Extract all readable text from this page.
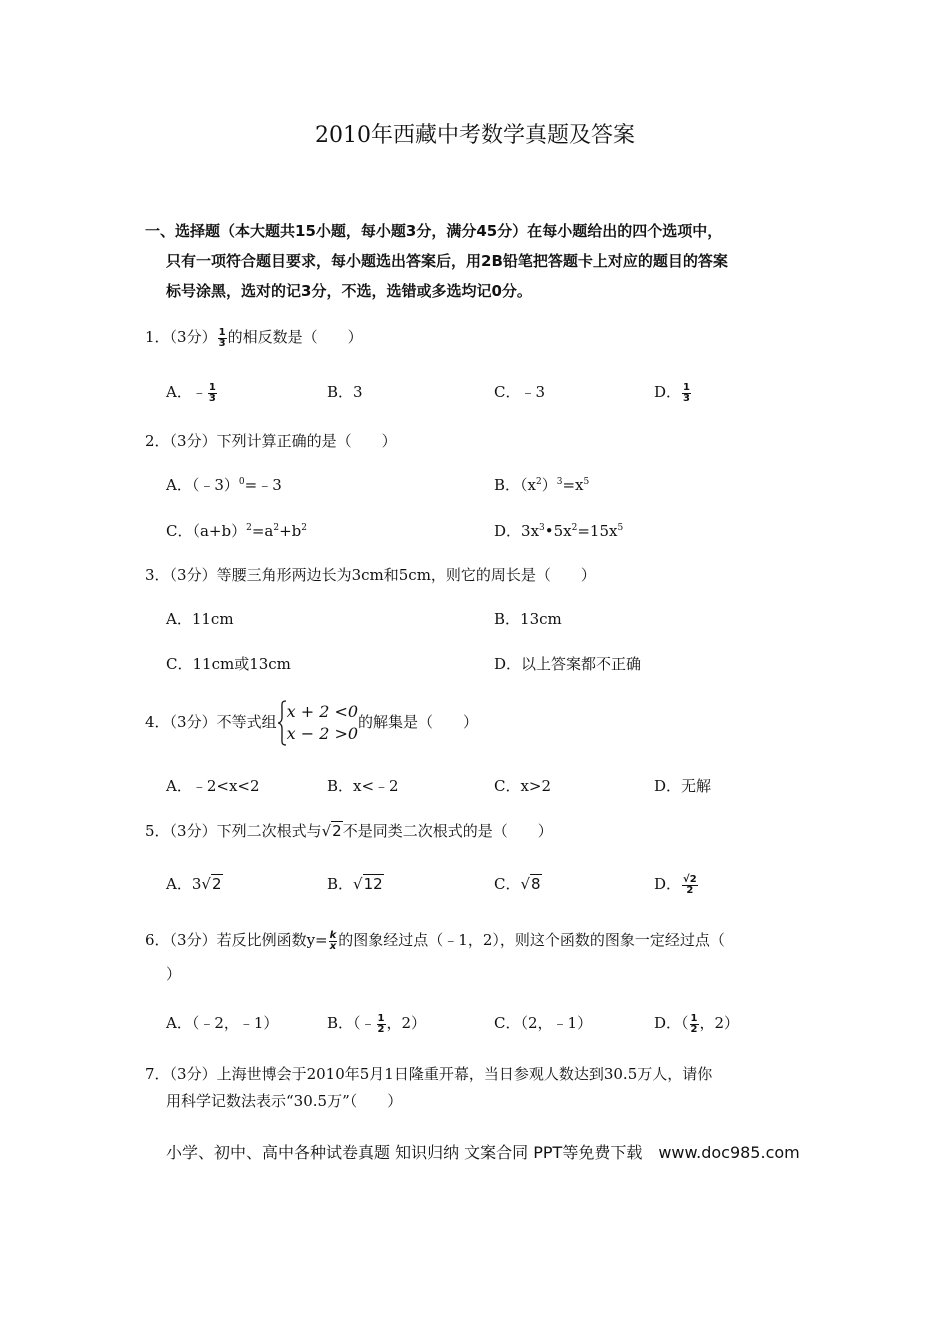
2010年西藏中考数学真题及答案
一、选择题（本大题共15小题，每小题3分，满分45分）在每小题给出的四个选项中，
只有一项符合题目要求，每小题选出答案后，用2B铅笔把答题卡上对应的题目的答案
标号涂黑，选对的记3分，不选，选错或多选均记0分。
1．（3分） $\frac{1}{3}$ 的相反数是（　　）
A．﹣ $\frac{1}{3}$	B．3	C．﹣3	D． $\frac{1}{3}$
2．（3分）下列计算正确的是（　　）
A．（﹣3）$^0$=﹣3	B．$(x^2)^3=x^5$
C．$(a+b)^2=a^2+b^2$	D．$3x^3•5x^2=15x^5$
3．（3分）等腰三角形两边长为3cm和5cm，则它的周长是（　　）
A．11cm	B．13cm
C．11cm或13cm	D．以上答案都不正确
4．（3分）不等式组
x + 2 <0
x − 2 >0
的解集是（　　）
A．﹣2<x<2	B．x<﹣2	C．x>2	D．无解
5．（3分）下列二次根式与√2不是同类二次根式的是（　　）
A．3√2	B．√12	C．√8	D． $\frac{√2}{2}$
6．（3分）若反比例函数$y= \frac{k}{x}$ 的图象经过点（﹣1，2），则这个函数的图象一定经过点（
）
A．（﹣2，﹣1）	B．（﹣ $\frac{1}{2}$ ，2）	C．（2，﹣1）	D．（ $\frac{1}{2}$ ，2）
7．（3分）上海世博会于2010年5月1日隆重开幕，当日参观人数达到30.5万人，请你
用科学记数法表示“30.5万”（　　）
小学、初中、高中各种试卷真题 知识归纳 文案合同 PPT等免费下载　www.doc985.com
